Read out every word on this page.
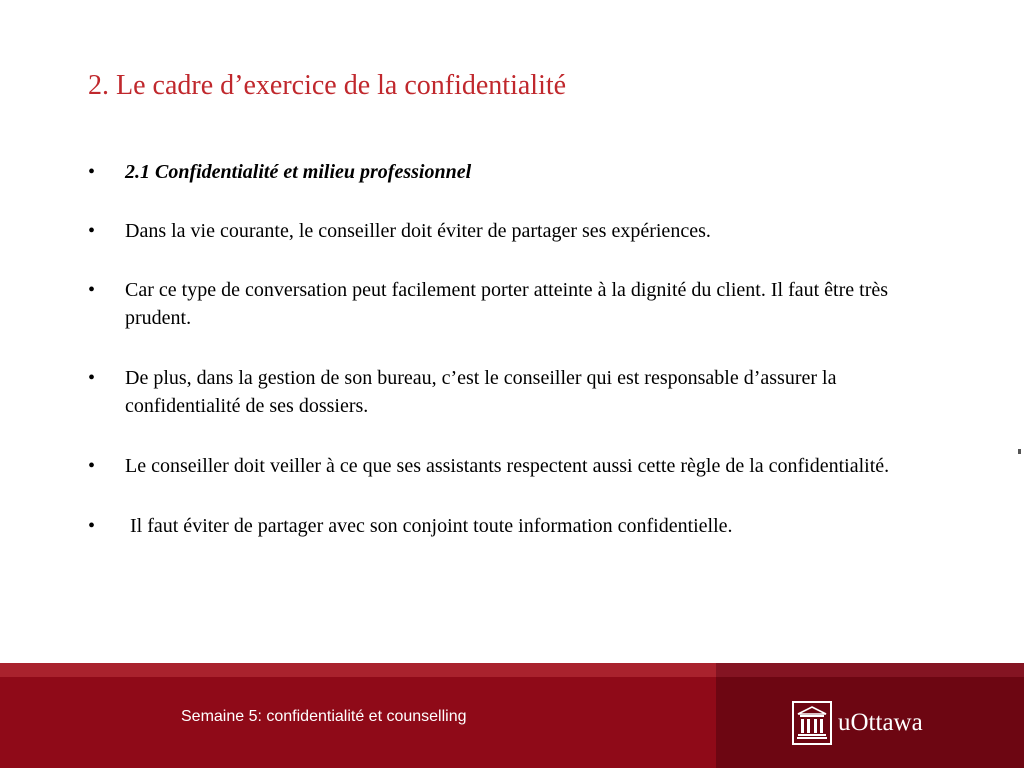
2. Le cadre d’exercice de la confidentialité
• 2.1 Confidentialité et milieu professionnel
• Dans la vie courante, le conseiller doit éviter de partager ses expériences.
• Car ce type de conversation peut facilement porter atteinte à la dignité du client. Il faut être très prudent.
• De plus, dans la gestion de son bureau, c’est le conseiller qui est responsable d’assurer la confidentialité de ses dossiers.
• Le conseiller doit veiller à ce que ses assistants respectent aussi cette règle de la confidentialité.
• Il faut éviter de partager avec son conjoint toute information confidentielle.
Semaine 5: confidentialité et counselling	uOttawa
